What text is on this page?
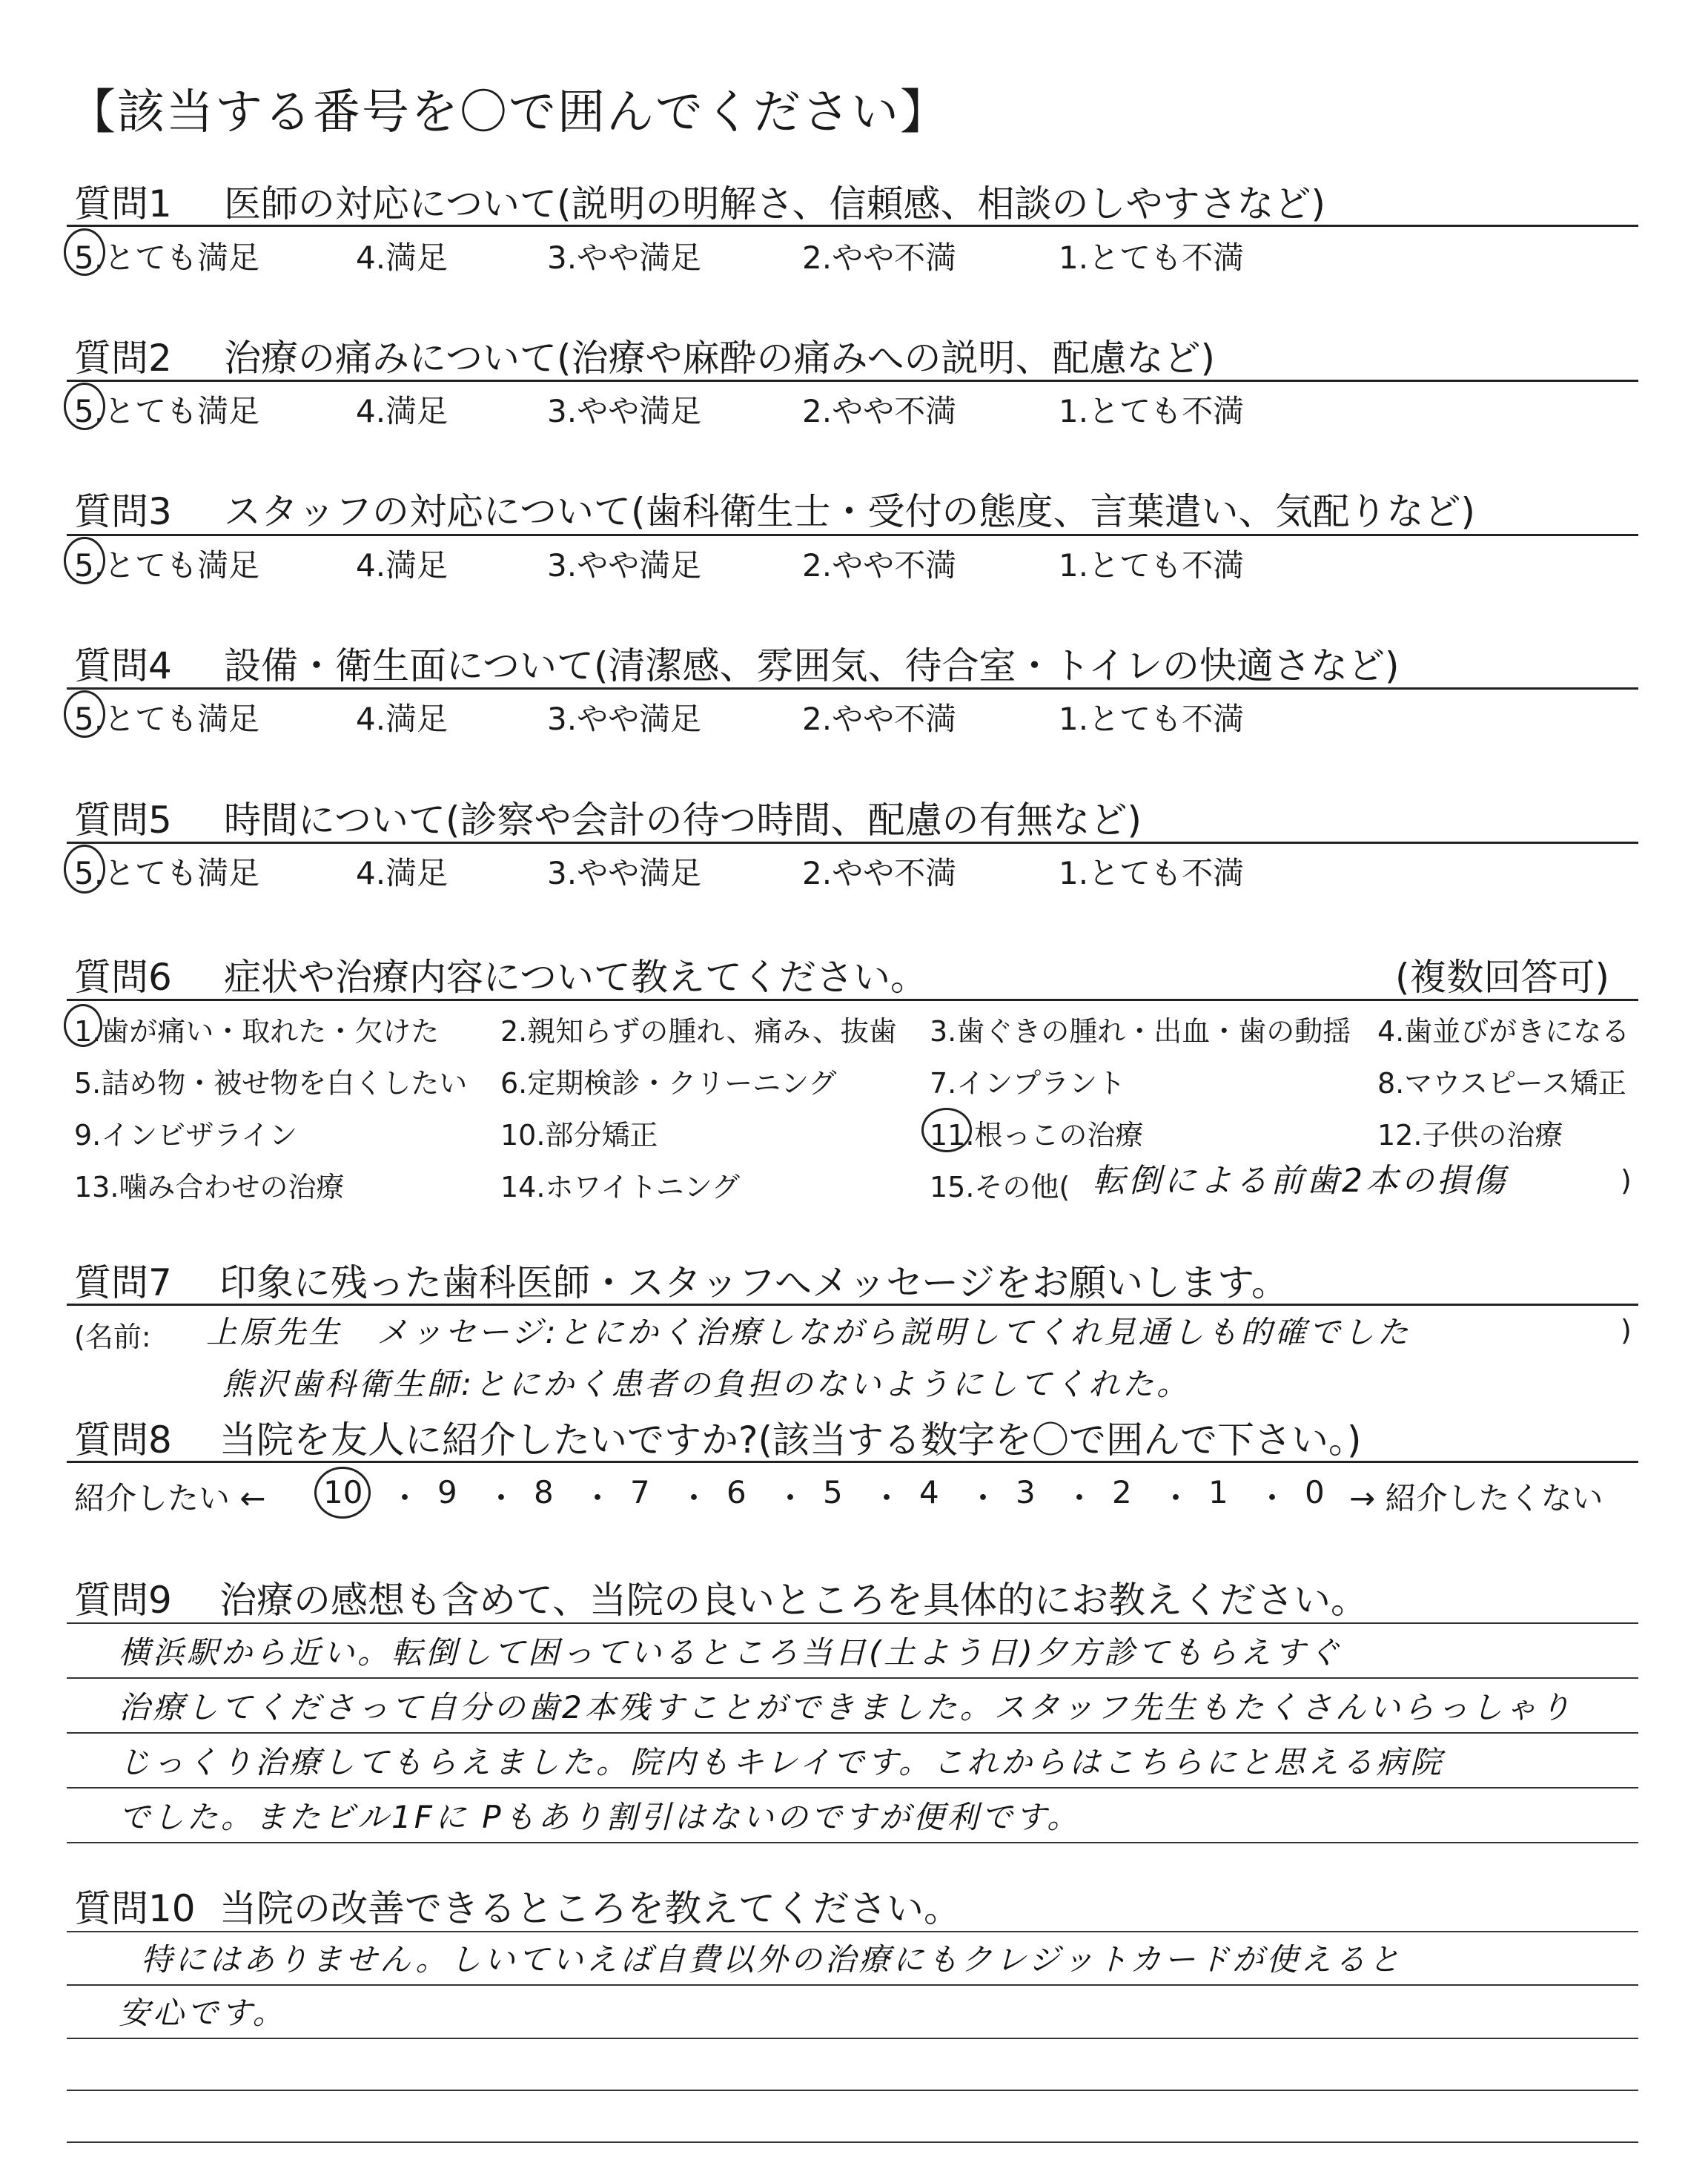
【該当する番号を〇で囲んでください】
質問1 医師の対応について(説明の明解さ、信頼感、相談のしやすさなど)
5.とても満足	4.満足	3.やや満足	2.やや不満	1.とても不満
質問2 治療の痛みについて(治療や麻酔の痛みへの説明、配慮など)
5.とても満足	4.満足	3.やや満足	2.やや不満	1.とても不満
質問3 スタッフの対応について(歯科衛生士・受付の態度、言葉遣い、気配りなど)
5.とても満足	4.満足	3.やや満足	2.やや不満	1.とても不満
質問4 設備・衛生面について(清潔感、雰囲気、待合室・トイレの快適さなど)
5.とても満足	4.満足	3.やや満足	2.やや不満	1.とても不満
質問5 時間について(診察や会計の待つ時間、配慮の有無など)
5.とても満足	4.満足	3.やや満足	2.やや不満	1.とても不満
質問6 症状や治療内容について教えてください。	(複数回答可)
1.歯が痛い・取れた・欠けた 2.親知らずの腫れ、痛み、抜歯 3.歯ぐきの腫れ・出血・歯の動揺 4.歯並びがきになる
5.詰め物・被せ物を白くしたい 6.定期検診・クリーニング	7.インプラント	8.マウスピース矯正
9.インビザライン	10.部分矯正	11.根っこの治療	12.子供の治療
13.噛み合わせの治療	14.ホワイトニング	15.その他(	)
転倒による前歯2本の損傷
質問7 印象に残った歯科医師・スタッフへメッセージをお願いします。
(名前: 上原先生　メッセージ:とにかく治療しながら説明してくれ見通しも的確でした	)
熊沢歯科衛生師:とにかく患者の負担のないようにしてくれた。
質問8 当院を友人に紹介したいですか?(該当する数字を〇で囲んで下さい。)
紹介したい ← 10 ・ 9 ・ 8 ・ 7 ・ 6 ・ 5 ・ 4 ・ 3 ・ 2 ・ 1 ・ 0 → 紹介したくない
質問9 治療の感想も含めて、当院の良いところを具体的にお教えください。
横浜駅から近い。転倒して困っているところ当日(土よう日)夕方診てもらえすぐ
治療してくださって自分の歯2本残すことができました。スタッフ先生もたくさんいらっしゃり
じっくり治療してもらえました。院内もキレイです。これからはこちらにと思える病院
でした。またビル1Fに Pもあり割引はないのですが便利です。
質問10 当院の改善できるところを教えてください。
特にはありません。しいていえば自費以外の治療にもクレジットカードが使えると
安心です。
